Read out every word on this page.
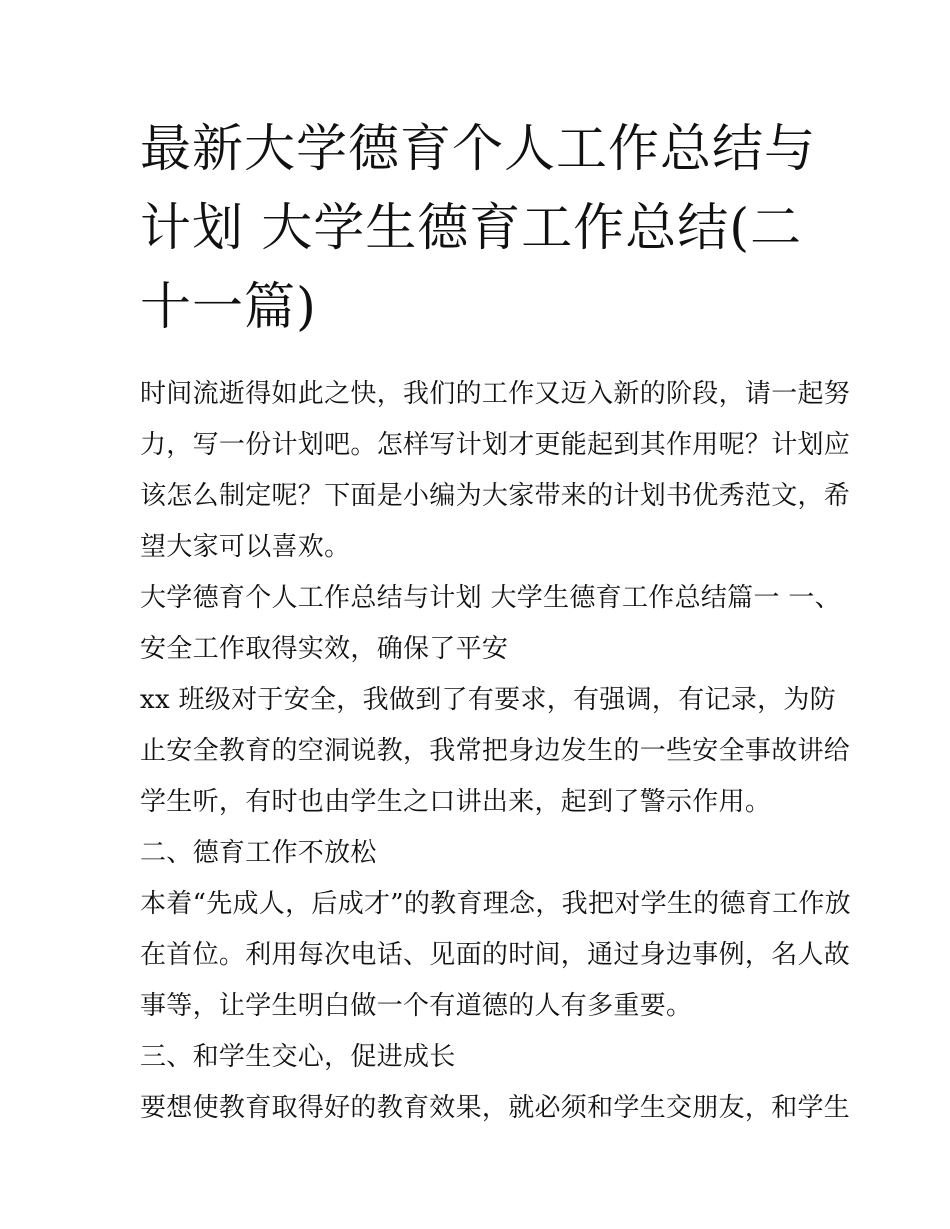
最新大学德育个人工作总结与
计划 大学生德育工作总结(二
十一篇)
时间流逝得如此之快，我们的工作又迈入新的阶段，请一起努
力，写一份计划吧。怎样写计划才更能起到其作用呢？计划应
该怎么制定呢？下面是小编为大家带来的计划书优秀范文，希
望大家可以喜欢。
大学德育个人工作总结与计划 大学生德育工作总结篇一 一、
安全工作取得实效，确保了平安
xx 班级对于安全，我做到了有要求，有强调，有记录，为防
止安全教育的空洞说教，我常把身边发生的一些安全事故讲给
学生听，有时也由学生之口讲出来，起到了警示作用。
二、德育工作不放松
本着“先成人，后成才”的教育理念，我把对学生的德育工作放
在首位。利用每次电话、见面的时间，通过身边事例，名人故
事等，让学生明白做一个有道德的人有多重要。
三、和学生交心，促进成长
要想使教育取得好的教育效果，就必须和学生交朋友，和学生
